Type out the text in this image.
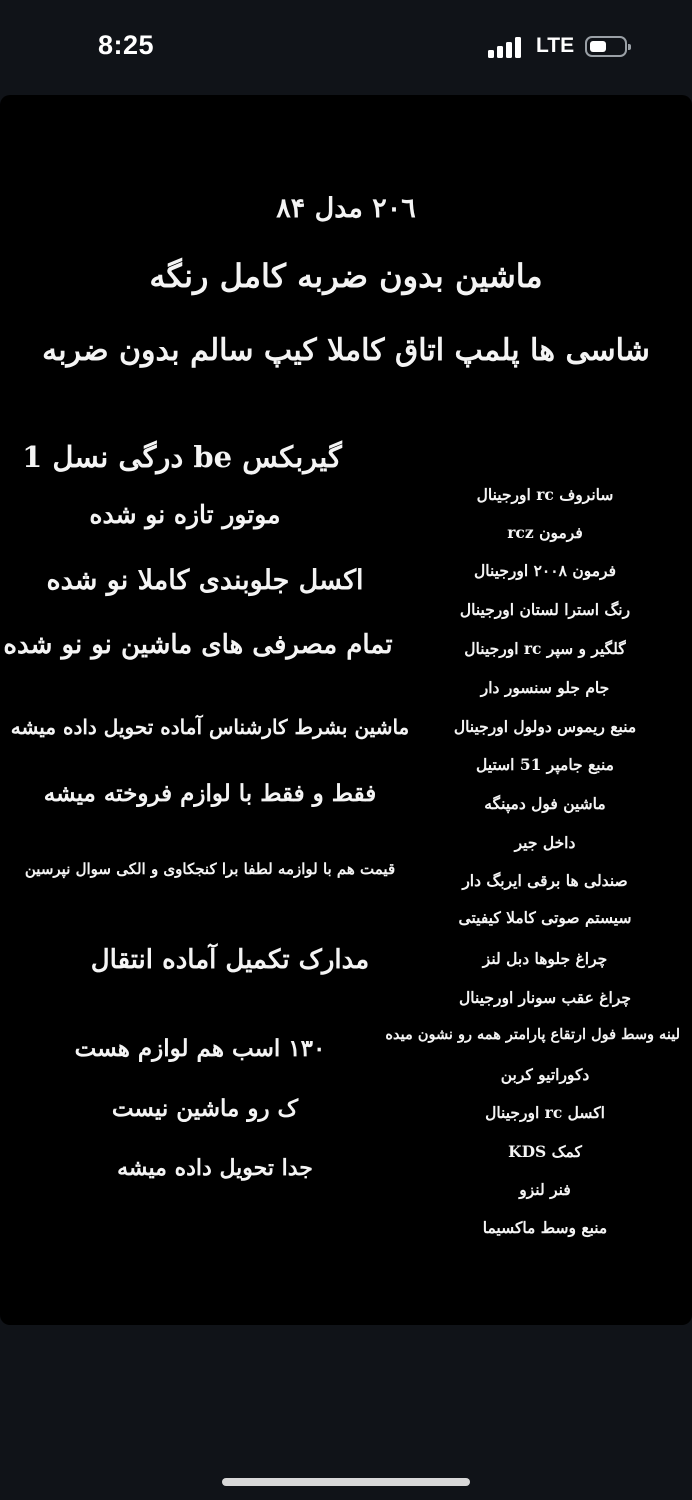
8:25	LTE
۲۰٦ مدل ۸۴
ماشین بدون ضربه کامل رنگه
شاسی ها پلمپ اتاق کاملا کیپ سالم بدون ضربه
گیربکس be درگی نسل 1
موتور تازه نو شده
اکسل جلوبندی کاملا نو شده
تمام مصرفی های ماشین نو نو شده
ماشین بشرط کارشناس آماده تحویل داده میشه
فقط و فقط با لوازم فروخته میشه
قیمت هم با لوازمه لطفا برا کنجکاوی و الکی سوال نپرسین
مدارک تکمیل آماده انتقال
۱۳۰ اسب هم لوازم هست
ک رو ماشین نیست
جدا تحویل داده میشه
سانروف rc اورجینال
فرمون rcz
فرمون ۲۰۰۸ اورجینال
رنگ استرا لستان اورجینال
گلگیر و سپر rc اورجینال
جام جلو سنسور دار
منبع ریموس دولول اورجینال
منبع جامپر 51 استیل
ماشین فول دمپنگه
داخل جیر
صندلی ها برقی ایربگ دار
سیستم صوتی کاملا کیفیتی
چراغ جلوها دبل لنز
چراغ عقب سونار اورجینال
لینه وسط فول ارتقاع پارامتر همه رو نشون میده
دکوراتیو کربن
اکسل rc اورجینال
کمک KDS
فنر لنزو
منبع وسط ماکسیما
